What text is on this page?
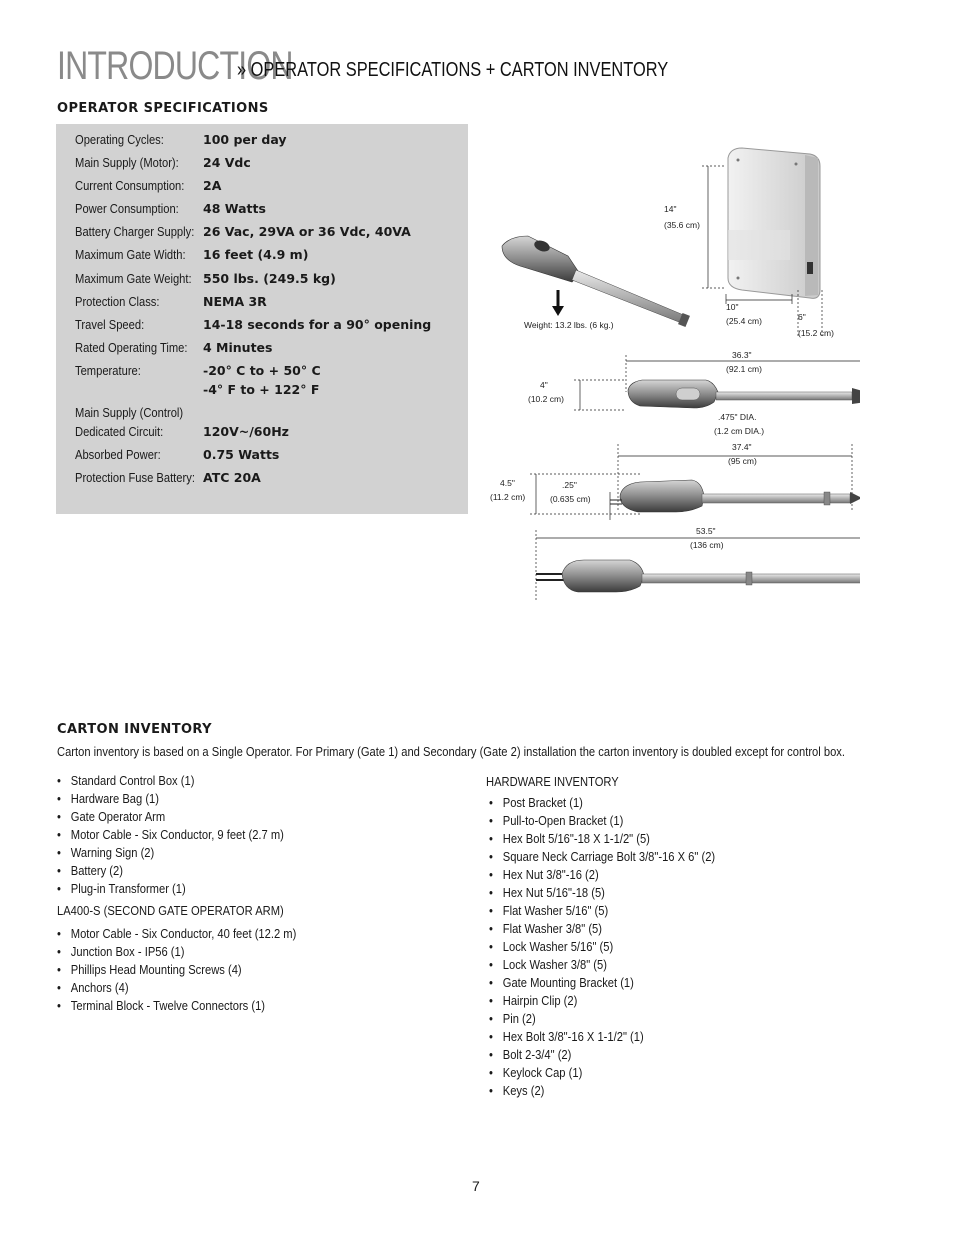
INTRODUCTION» OPERATOR SPECIFICATIONS + CARTON INVENTORY
OPERATOR SPECIFICATIONS
Operating Cycles:	100 per day
Main Supply (Motor): 24 Vdc
Current Consumption: 2A
Power Consumption: 48 Watts
Battery Charger Supply: 26 Vac, 29VA or 36 Vdc, 40VA
Maximum Gate Width: 16 feet (4.9 m)
Maximum Gate Weight: 550 lbs. (249.5 kg)
Protection Class:	NEMA 3R
Travel Speed:	14-18 seconds for a 90° opening
Rated Operating Time: 4 Minutes
Temperature:	-20° C to + 50° C
-4° F to + 122° F
Main Supply (Control)
Dedicated Circuit:	120V~/60Hz
Absorbed Power:	0.75 Watts
Protection Fuse Battery: ATC 20A
14"
(35.6 cm)
10"
(25.4 cm)	6"
(15.2 cm)
Weight: 13.2 lbs. (6 kg.)
36.3"
(92.1 cm)
4"
(10.2 cm)
.475" DIA.
(1.2 cm DIA.)
37.4"
(95 cm)
4.5"
(11.2 cm)
.25"
(0.635 cm)
53.5"
(136 cm)
CARTON INVENTORY
Carton inventory is based on a Single Operator. For Primary (Gate 1) and Secondary (Gate 2) installation the carton inventory is doubled except for control box.
• Standard Control Box (1)
• Hardware Bag (1)
• Gate Operator Arm
• Motor Cable - Six Conductor, 9 feet (2.7 m)
• Warning Sign (2)
• Battery (2)
• Plug-in Transformer (1)
LA400-S (SECOND GATE OPERATOR ARM)
• Motor Cable - Six Conductor, 40 feet (12.2 m)
• Junction Box - IP56 (1)
• Phillips Head Mounting Screws (4)
• Anchors (4)
• Terminal Block - Twelve Connectors (1)
HARDWARE INVENTORY
• Post Bracket (1)
• Pull-to-Open Bracket (1)
• Hex Bolt 5/16"-18 X 1-1/2" (5)
• Square Neck Carriage Bolt 3/8"-16 X 6" (2)
• Hex Nut 3/8"-16 (2)
• Hex Nut 5/16"-18 (5)
• Flat Washer 5/16" (5)
• Flat Washer 3/8" (5)
• Lock Washer 5/16" (5)
• Lock Washer 3/8" (5)
• Gate Mounting Bracket (1)
• Hairpin Clip (2)
• Pin (2)
• Hex Bolt 3/8"-16 X 1-1/2" (1)
• Bolt 2-3/4" (2)
• Keylock Cap (1)
• Keys (2)
7
